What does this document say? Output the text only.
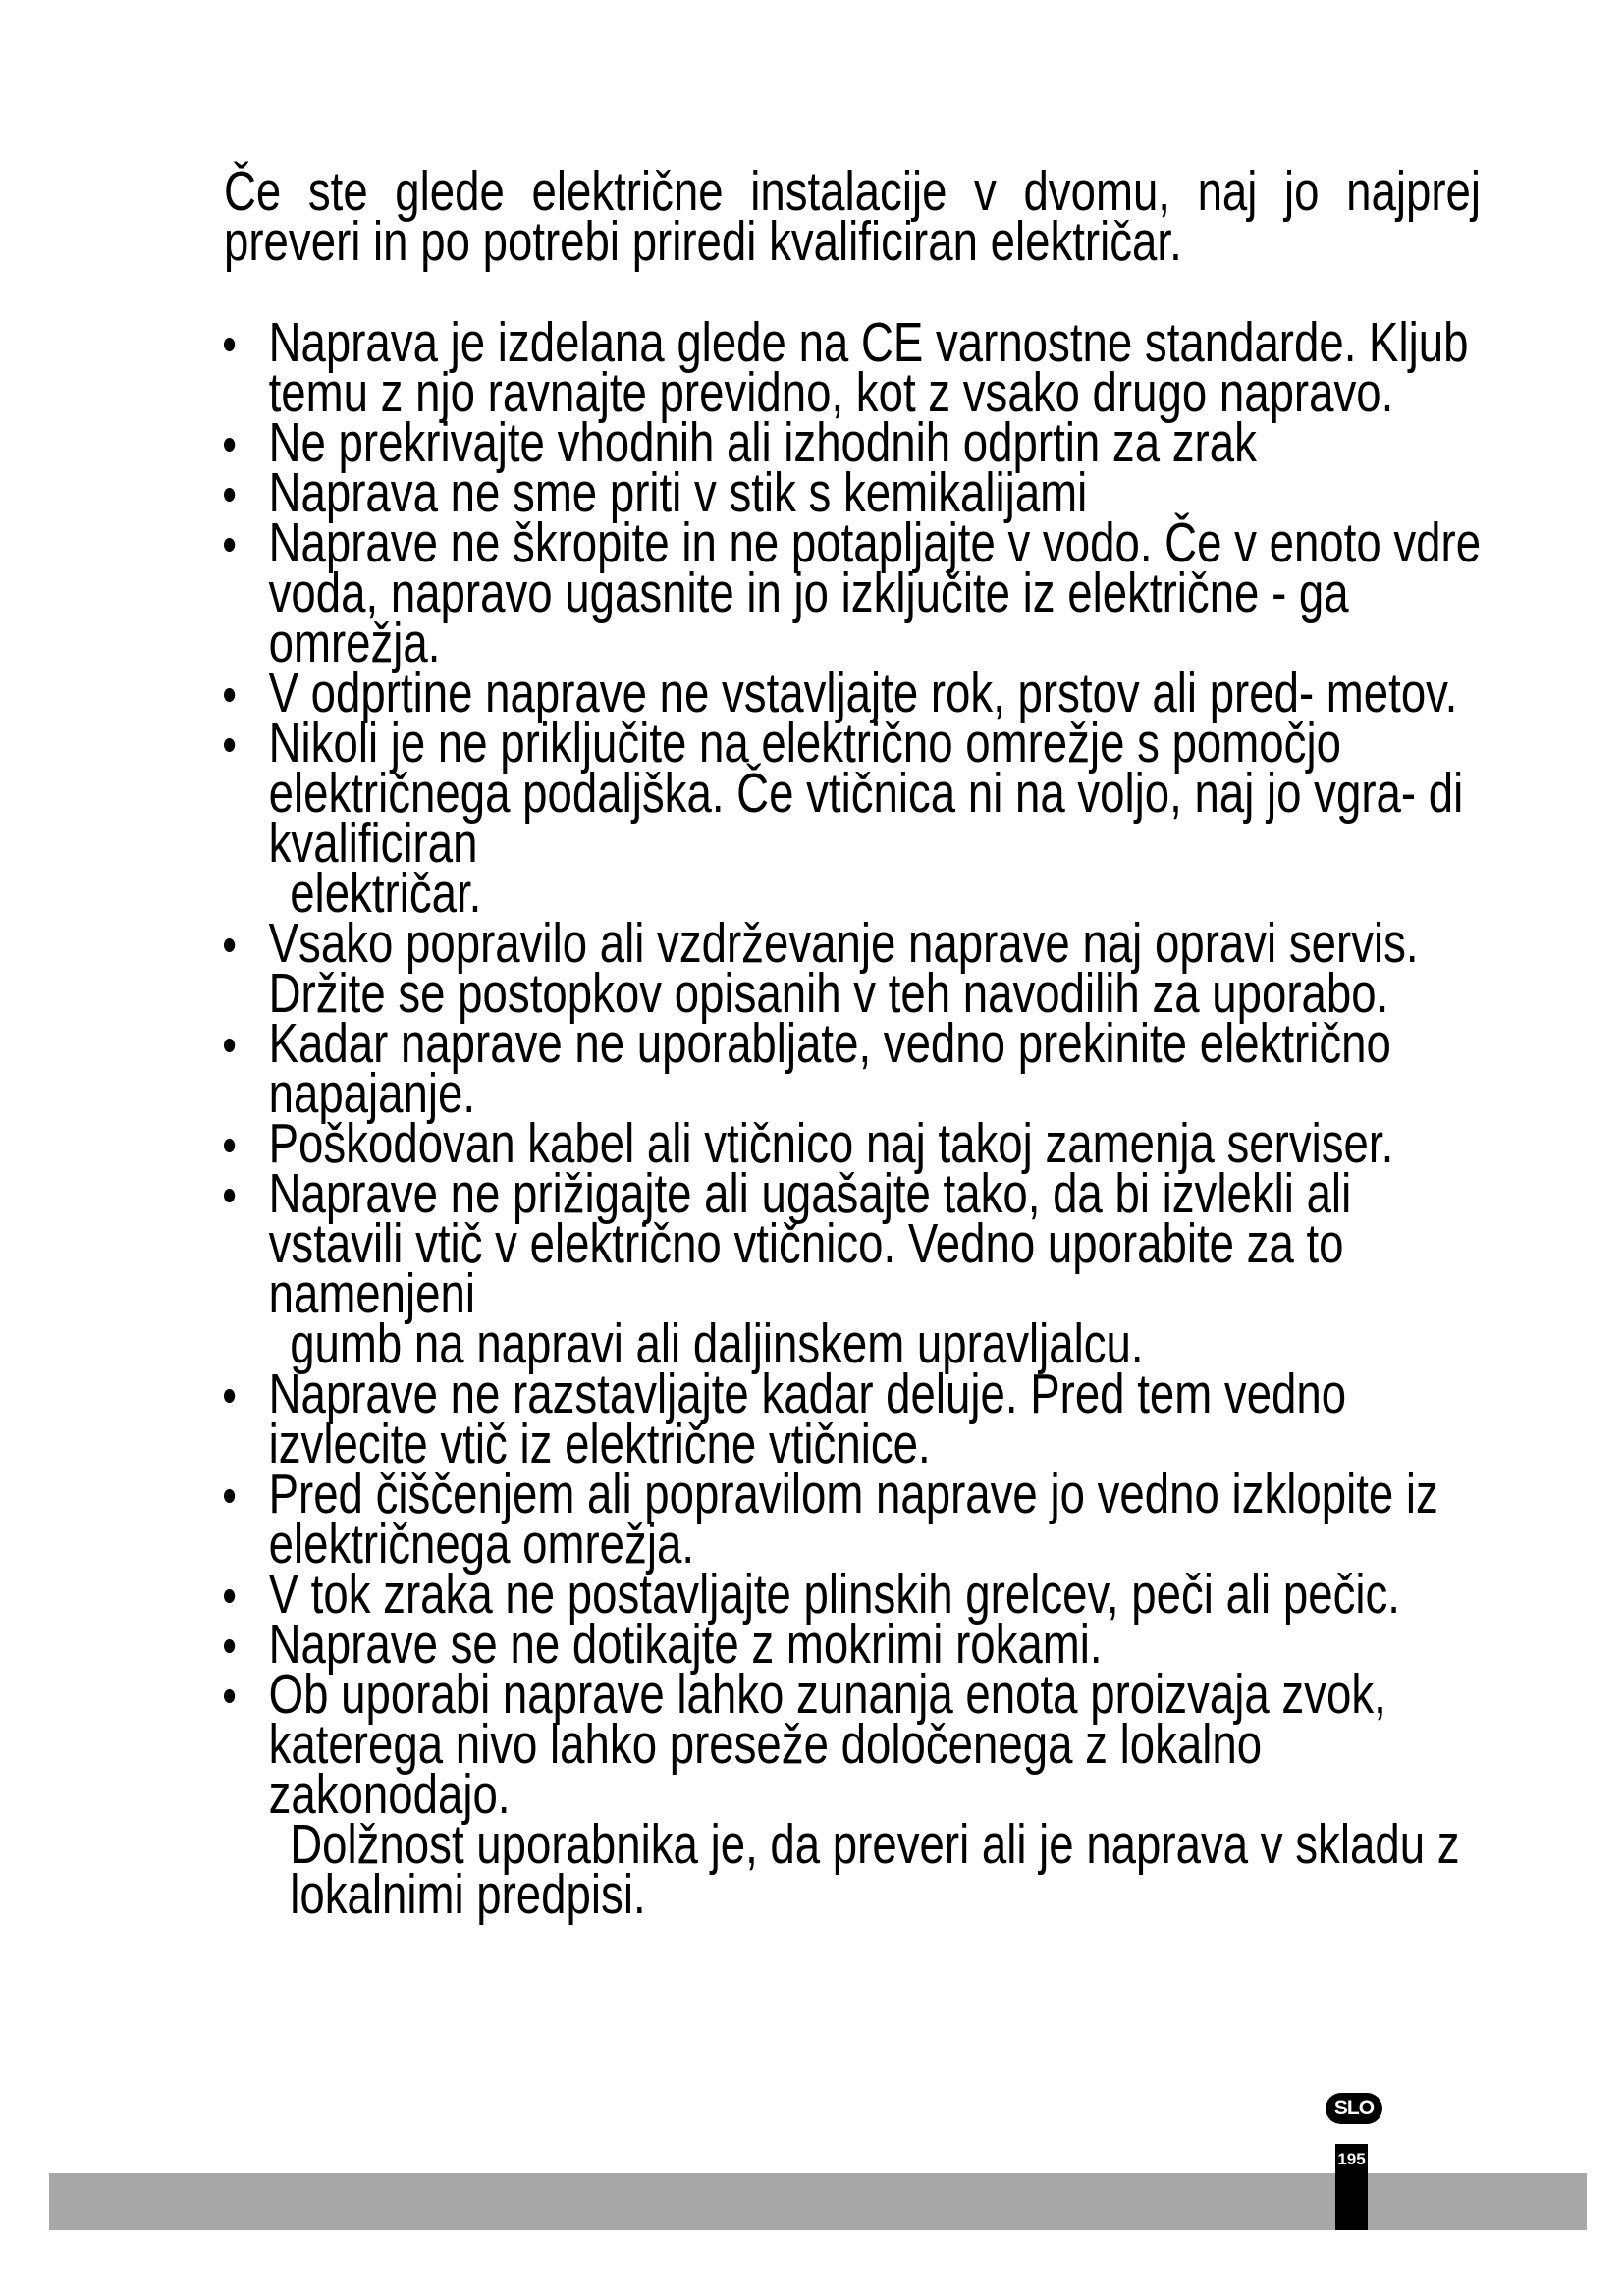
Če ste glede električne instalacije v dvomu, naj jo najprej preveri in po potrebi priredi kvalificiran električar.

Naprava je izdelana glede na CE varnostne standarde. Kljub temu z njo ravnajte previdno, kot z vsako drugo napravo.
Ne prekrivajte vhodnih ali izhodnih odprtin za zrak
Naprava ne sme priti v stik s kemikalijami
Naprave ne škropite in ne potapljajte v vodo. Če v enoto vdre voda, napravo ugasnite in jo izključite iz električne - ga omrežja.
V odprtine naprave ne vstavljajte rok, prstov ali pred- metov.
Nikoli je ne priključite na električno omrežje s pomočjo električnega podaljška. Če vtičnica ni na voljo, naj jo vgra- di kvalificiran
električar.
Vsako popravilo ali vzdrževanje naprave naj opravi servis. Držite se postopkov opisanih v teh navodilih za uporabo.
Kadar naprave ne uporabljate, vedno prekinite električno napajanje.
Poškodovan kabel ali vtičnico naj takoj zamenja serviser.
Naprave ne prižigajte ali ugašajte tako, da bi izvlekli ali vstavili vtič v električno vtičnico. Vedno uporabite za to namenjeni
gumb na napravi ali daljinskem upravljalcu.
Naprave ne razstavljajte kadar deluje. Pred tem vedno izvlecite vtič iz električne vtičnice.
Pred čiščenjem ali popravilom naprave jo vedno izklopite iz električnega omrežja.
V tok zraka ne postavljajte plinskih grelcev, peči ali pečic.
Naprave se ne dotikajte z mokrimi rokami.
Ob uporabi naprave lahko zunanja enota proizvaja zvok, katerega nivo lahko preseže določenega z lokalno zakonodajo.
Dolžnost uporabnika je, da preveri ali je naprava v skladu z lokalnimi predpisi.
SLO
195
